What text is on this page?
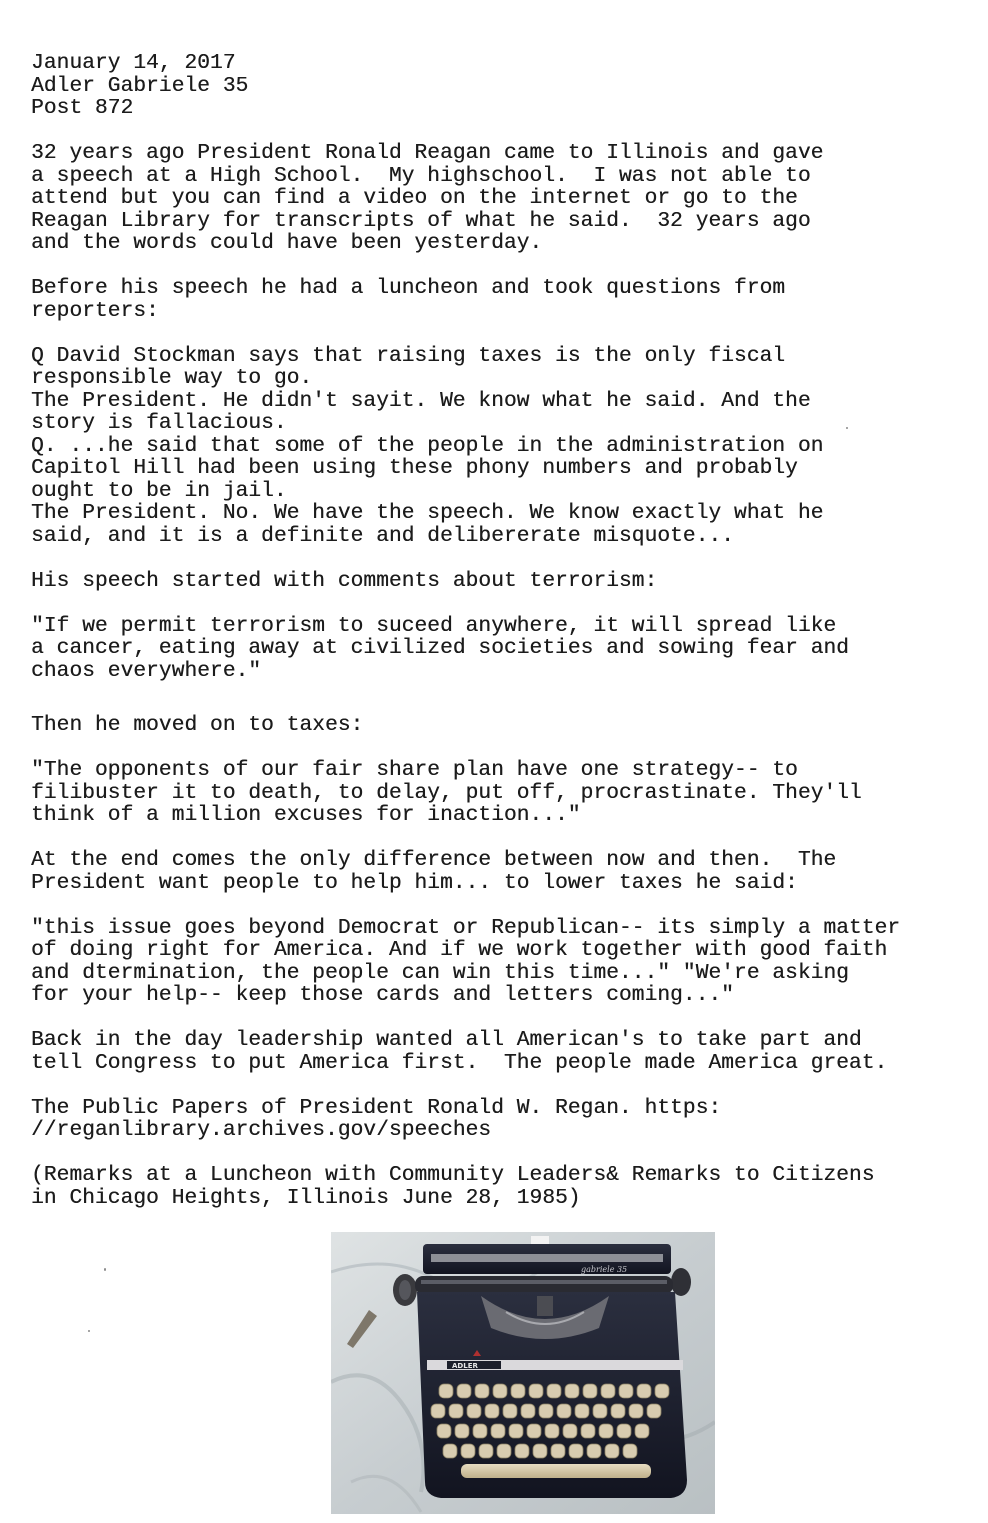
January 14, 2017
Adler Gabriele 35
Post 872
32 years ago President Ronald Reagan came to Illinois and gave
a speech at a High School.  My highschool.  I was not able to
attend but you can find a video on the internet or go to the
Reagan Library for transcripts of what he said.  32 years ago
and the words could have been yesterday.
Before his speech he had a luncheon and took questions from
reporters:
Q David Stockman says that raising taxes is the only fiscal
responsible way to go.
The President. He didn't sayit. We know what he said. And the
story is fallacious.
Q. ...he said that some of the people in the administration on
Capitol Hill had been using these phony numbers and probably
ought to be in jail.
The President. No. We have the speech. We know exactly what he
said, and it is a definite and delibererate misquote...
His speech started with comments about terrorism:
"If we permit terrorism to suceed anywhere, it will spread like
a cancer, eating away at civilized societies and sowing fear and
chaos everywhere."
Then he moved on to taxes:
"The opponents of our fair share plan have one strategy-- to
filibuster it to death, to delay, put off, procrastinate. They'll
think of a million excuses for inaction..."
At the end comes the only difference between now and then.  The
President want people to help him... to lower taxes he said:
"this issue goes beyond Democrat or Republican-- its simply a matter
of doing right for America. And if we work together with good faith
and dtermination, the people can win this time..." "We're asking
for your help-- keep those cards and letters coming..."
Back in the day leadership wanted all American's to take part and
tell Congress to put America first.  The people made America great.
The Public Papers of President Ronald W. Regan. https:
//reganlibrary.archives.gov/speeches
(Remarks at a Luncheon with Community Leaders& Remarks to Citizens
in Chicago Heights, Illinois June 28, 1985)
gabriele 35
ADLER
